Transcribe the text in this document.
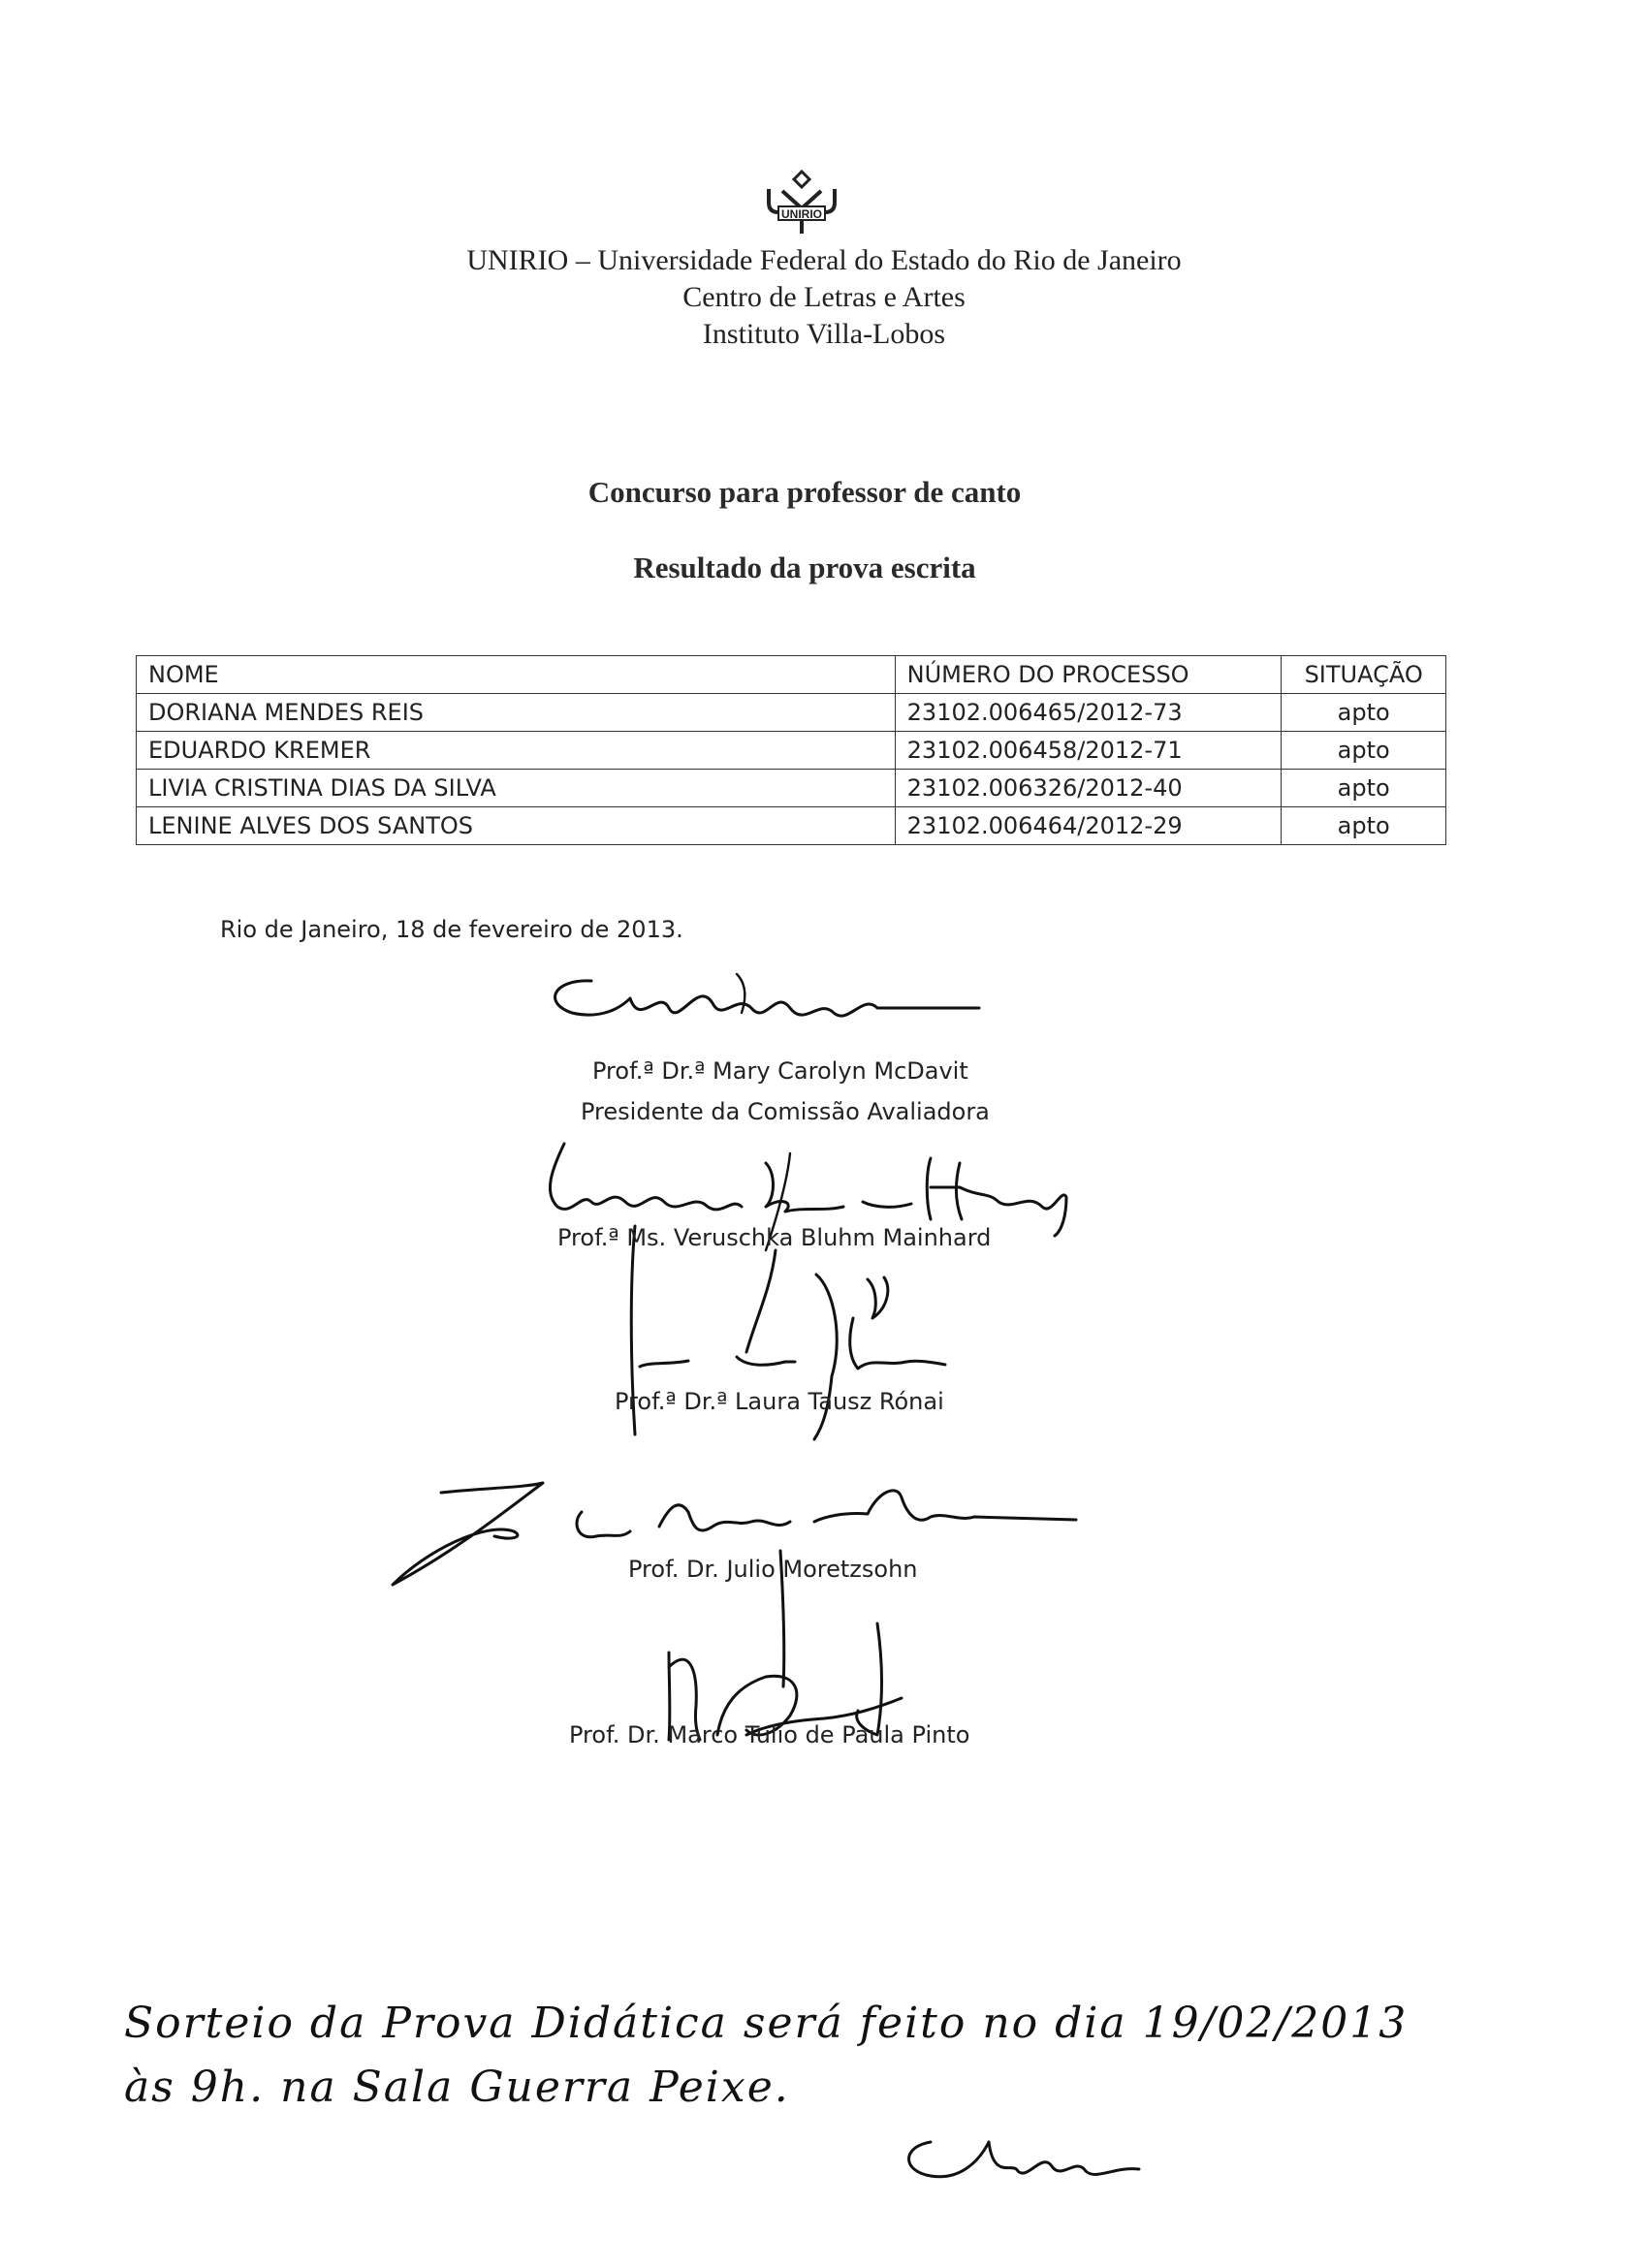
UNIRIO
UNIRIO – Universidade Federal do Estado do Rio de Janeiro
Centro de Letras e Artes
Instituto Villa-Lobos
Concurso para professor de canto
Resultado da prova escrita
NOME	NÚMERO DO PROCESSO	SITUAÇÃO
DORIANA MENDES REIS	23102.006465/2012-73	apto
EDUARDO KREMER	23102.006458/2012-71	apto
LIVIA CRISTINA DIAS DA SILVA	23102.006326/2012-40	apto
LENINE ALVES DOS SANTOS	23102.006464/2012-29	apto
Rio de Janeiro, 18 de fevereiro de 2013.
Prof.ª Dr.ª Mary Carolyn McDavit
Presidente da Comissão Avaliadora
Prof.ª Ms. Veruschka Bluhm Mainhard
Prof.ª Dr.ª Laura Tausz Rónai
Prof. Dr. Julio Moretzsohn
Prof. Dr. Marco Tulio de Paula Pinto
Sorteio da Prova Didática será feito no dia 19/02/2013
às 9h. na Sala Guerra Peixe.
